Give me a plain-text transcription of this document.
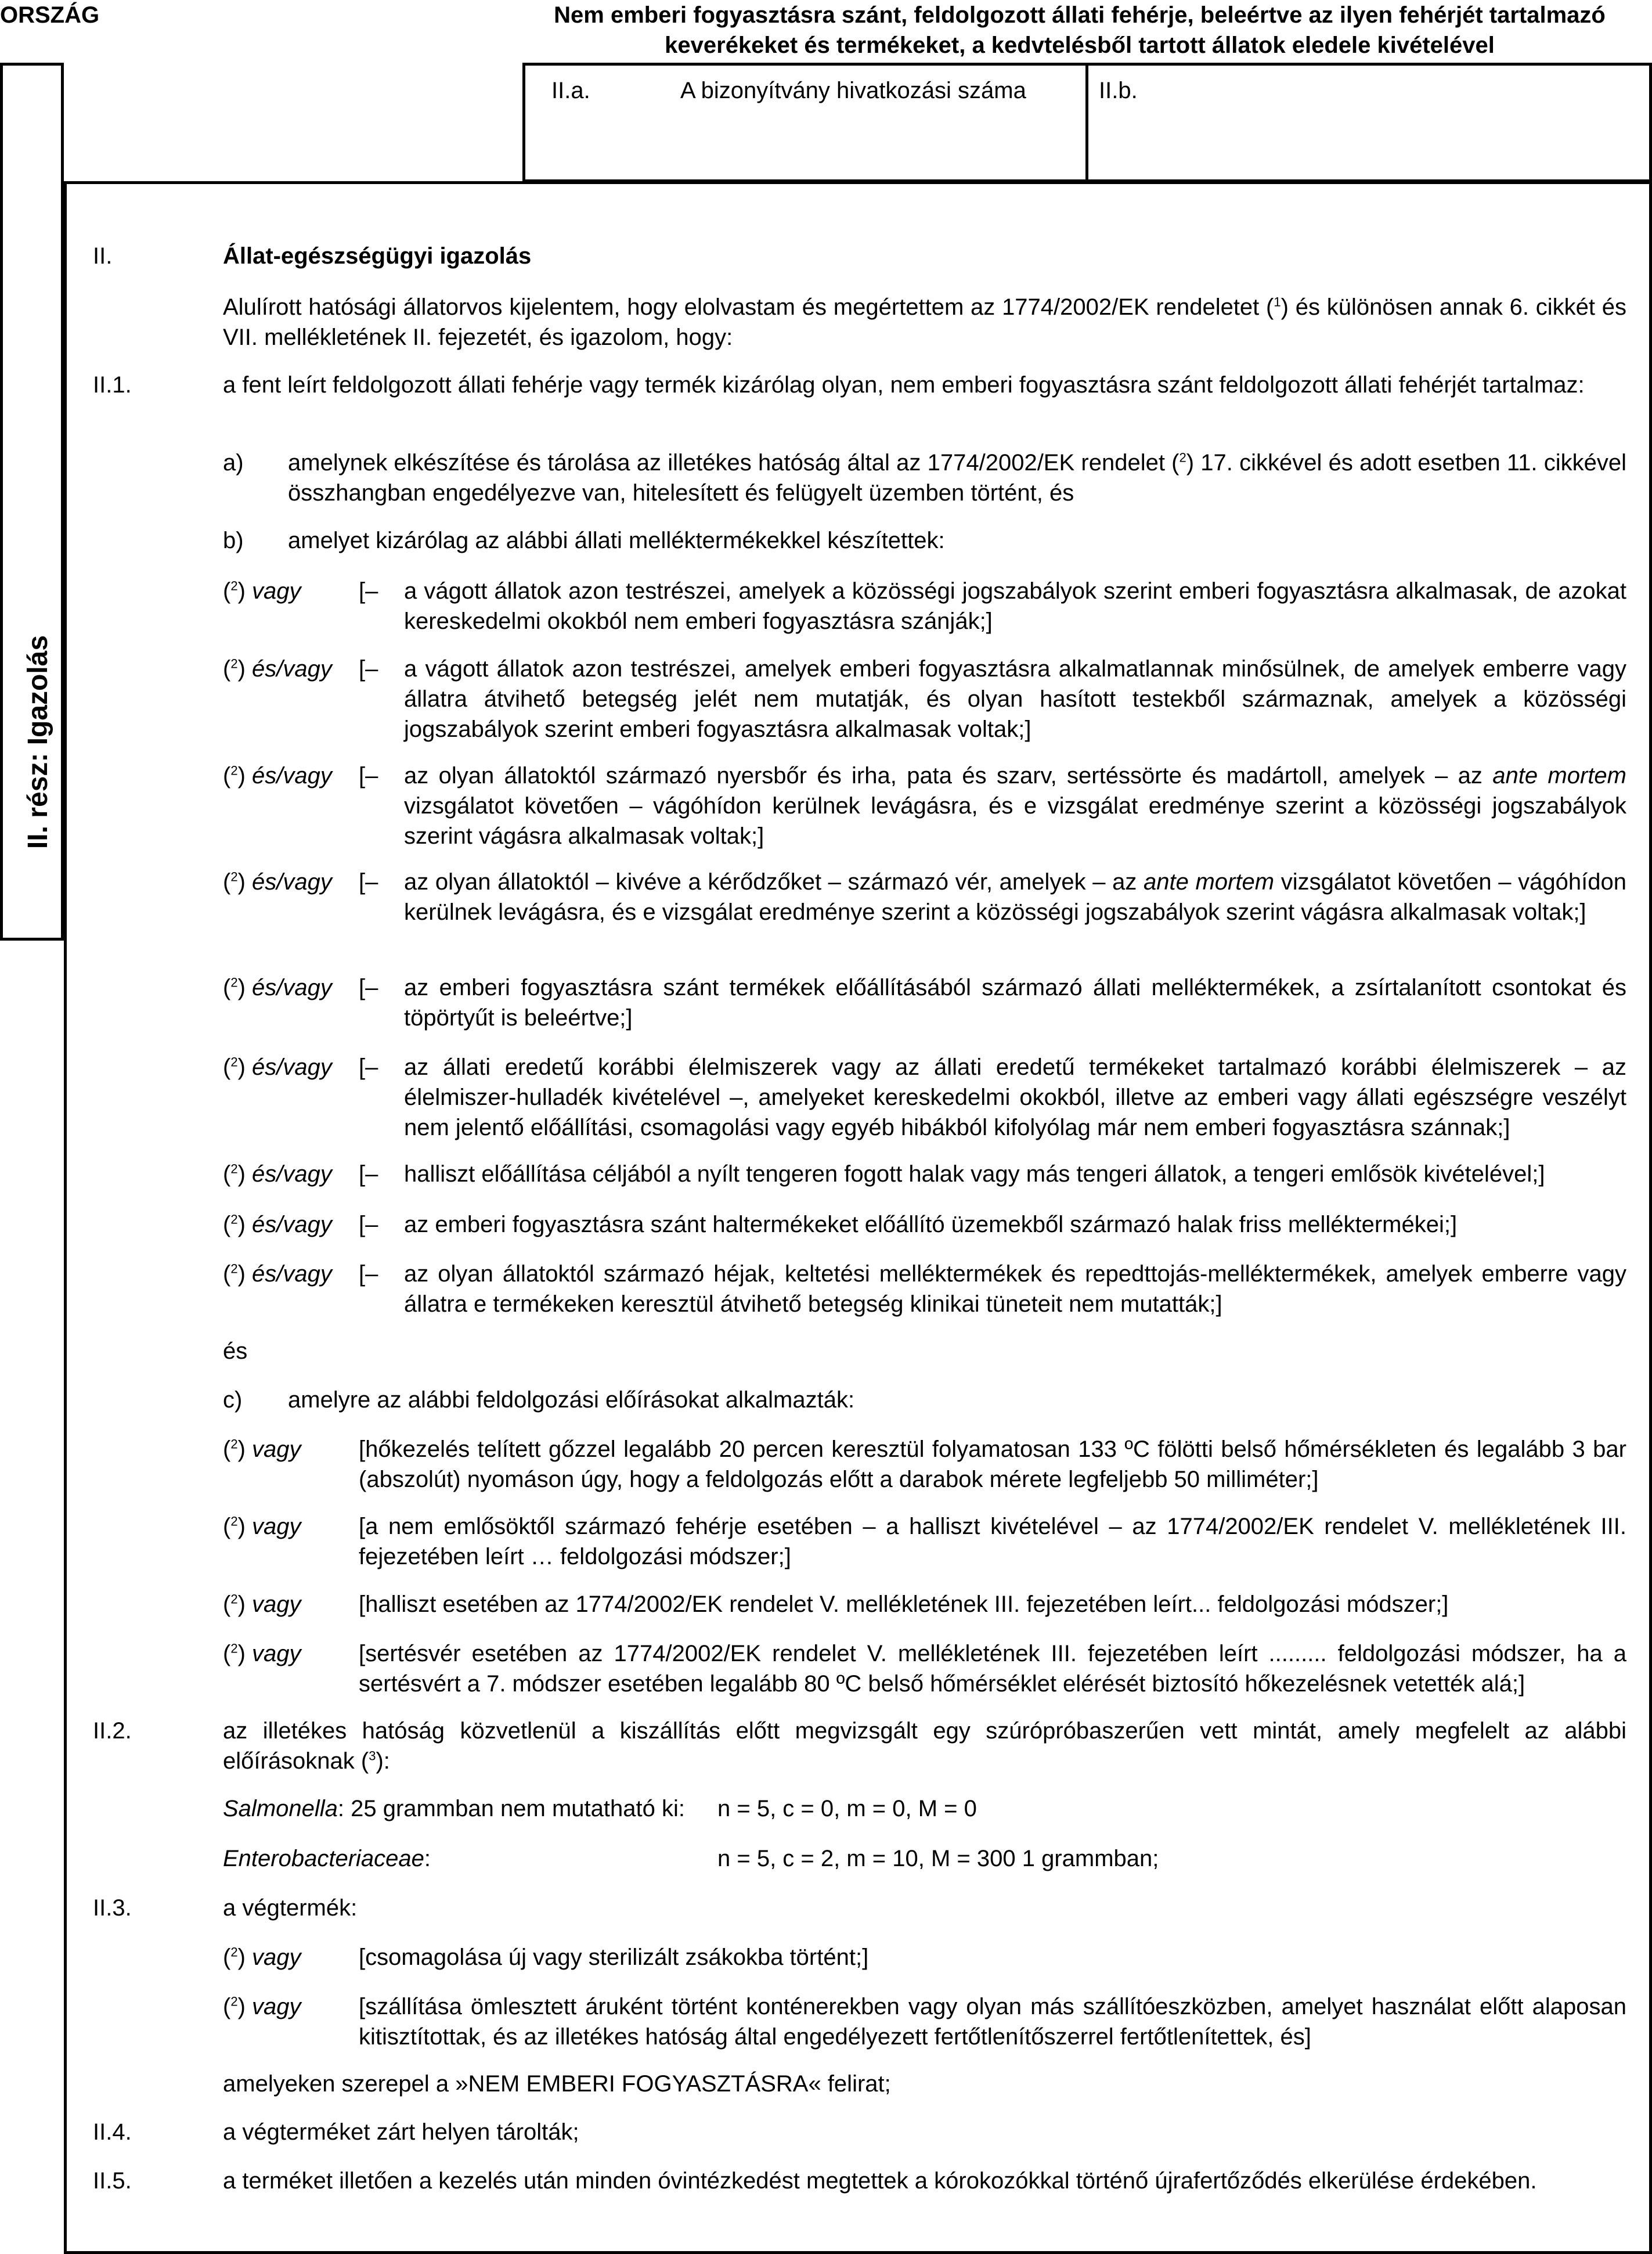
ORSZÁG	Nem emberi fogyasztásra szánt, feldolgozott állati fehérje, beleértve az ilyen fehérjét tartalmazó keverékeket és termékeket, a kedvtelésből tartott állatok eledele kivételével
II.a.	A bizonyítvány hivatkozási száma	II.b.
II. rész: Igazolás
II.	Állat-egészségügyi igazolás
Alulírott hatósági állatorvos kijelentem, hogy elolvastam és megértettem az 1774/2002/EK rendeletet ($^1$) és különösen annak 6. cikkét és VII. mellékletének II. fejezetét, és igazolom, hogy:
II.1.	a fent leírt feldolgozott állati fehérje vagy termék kizárólag olyan, nem emberi fogyasztásra szánt feldolgozott állati fehérjét tartalmaz:
a) amelynek elkészítése és tárolása az illetékes hatóság által az 1774/2002/EK rendelet ($^2$) 17. cikkével és adott esetben 11. cikkével összhangban engedélyezve van, hitelesített és felügyelt üzemben történt, és
b) amelyet kizárólag az alábbi állati melléktermékekkel készítettek:
($^2$) vagy [– a vágott állatok azon testrészei, amelyek a közösségi jogszabályok szerint emberi fogyasztásra alkalmasak, de azokat kereskedelmi okokból nem emberi fogyasztásra szánják;]
($^2$) és/vagy [– a vágott állatok azon testrészei, amelyek emberi fogyasztásra alkalmatlannak minősülnek, de amelyek emberre vagy állatra átvihető betegség jelét nem mutatják, és olyan hasított testekből származnak, amelyek a közösségi jogszabályok szerint emberi fogyasztásra alkalmasak voltak;]
($^2$) és/vagy [– az olyan állatoktól származó nyersbőr és irha, pata és szarv, sertéssörte és madártoll, amelyek – az ante mortem vizsgálatot követően – vágóhídon kerülnek levágásra, és e vizsgálat eredménye szerint a közösségi jogszabályok szerint vágásra alkalmasak voltak;]
($^2$) és/vagy [– az olyan állatoktól – kivéve a kérődzőket – származó vér, amelyek – az ante mortem vizsgálatot követően – vágóhídon kerülnek levágásra, és e vizsgálat eredménye szerint a közösségi jogszabályok szerint vágásra alkalmasak voltak;]
($^2$) és/vagy [– az emberi fogyasztásra szánt termékek előállításából származó állati melléktermékek, a zsírtalanított csontokat és töpörtyűt is beleértve;]
($^2$) és/vagy [– az állati eredetű korábbi élelmiszerek vagy az állati eredetű termékeket tartalmazó korábbi élelmiszerek – az élelmiszer-hulladék kivételével –, amelyeket kereskedelmi okokból, illetve az emberi vagy állati egészségre veszélyt nem jelentő előállítási, csomagolási vagy egyéb hibákból kifolyólag már nem emberi fogyasztásra szánnak;]
($^2$) és/vagy [– halliszt előállítása céljából a nyílt tengeren fogott halak vagy más tengeri állatok, a tengeri emlősök kivételével;]
($^2$) és/vagy [– az emberi fogyasztásra szánt haltermékeket előállító üzemekből származó halak friss melléktermékei;]
($^2$) és/vagy [– az olyan állatoktól származó héjak, keltetési melléktermékek és repedttojás-melléktermékek, amelyek emberre vagy állatra e termékeken keresztül átvihető betegség klinikai tüneteit nem mutatták;]
és
c) amelyre az alábbi feldolgozási előírásokat alkalmazták:
($^2$) vagy [hőkezelés telített gőzzel legalább 20 percen keresztül folyamatosan 133 ºC fölötti belső hőmérsékleten és legalább 3 bar (abszolút) nyomáson úgy, hogy a feldolgozás előtt a darabok mérete legfeljebb 50 milliméter;]
($^2$) vagy [a nem emlősöktől származó fehérje esetében – a halliszt kivételével – az 1774/2002/EK rendelet V. mellékletének III. fejezetében leírt … feldolgozási módszer;]
($^2$) vagy [halliszt esetében az 1774/2002/EK rendelet V. mellékletének III. fejezetében leírt... feldolgozási módszer;]
($^2$) vagy [sertésvér esetében az 1774/2002/EK rendelet V. mellékletének III. fejezetében leírt ......... feldolgozási módszer, ha a sertésvért a 7. módszer esetében legalább 80 ºC belső hőmérséklet elérését biztosító hőkezelésnek vetették alá;]
II.2.	az illetékes hatóság közvetlenül a kiszállítás előtt megvizsgált egy szúrópróbaszerűen vett mintát, amely megfelelt az alábbi előírásoknak ($^3$):
Salmonella: 25 grammban nem mutatható ki: n = 5, c = 0, m = 0, M = 0
Enterobacteriaceae:	n = 5, c = 2, m = 10, M = 300 1 grammban;
II.3.	a végtermék:
($^2$) vagy [csomagolása új vagy sterilizált zsákokba történt;]
($^2$) vagy [szállítása ömlesztett áruként történt konténerekben vagy olyan más szállítóeszközben, amelyet használat előtt alaposan kitisztítottak, és az illetékes hatóság által engedélyezett fertőtlenítőszerrel fertőtlenítettek, és]
amelyeken szerepel a »NEM EMBERI FOGYASZTÁSRA« felirat;
II.4.	a végterméket zárt helyen tárolták;
II.5.	a terméket illetően a kezelés után minden óvintézkedést megtettek a kórokozókkal történő újrafertőződés elkerülése érdekében.
